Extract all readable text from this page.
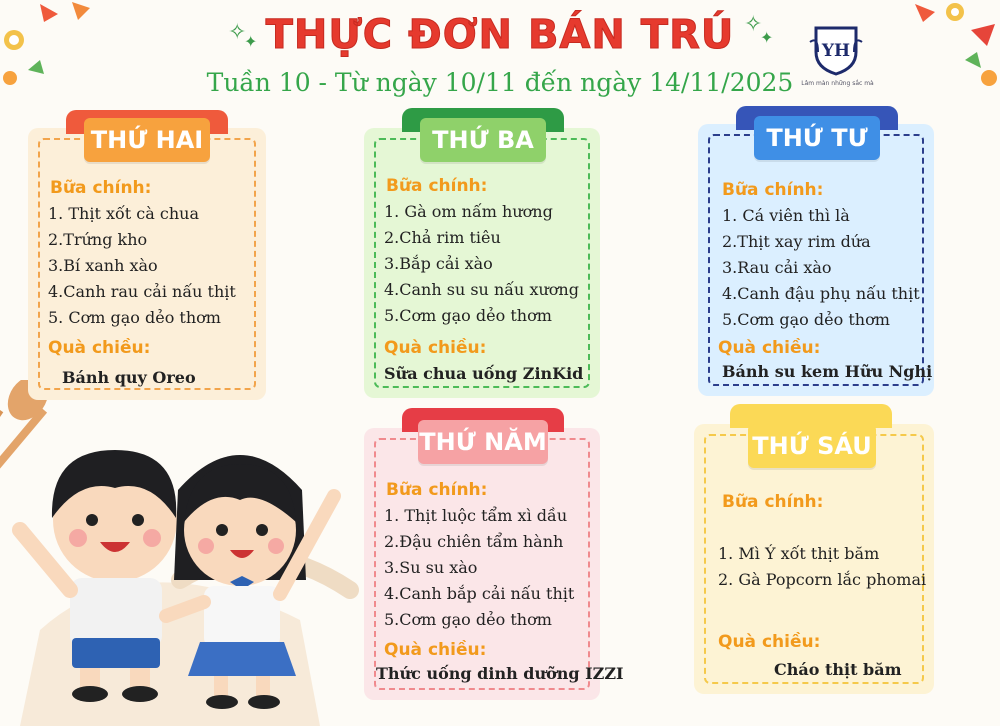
THỰC ĐƠN BÁN TRÚ
Tuần 10 - Từ ngày 10/11 đến ngày 14/11/2025
✧
✦
✧
✦
YH
Lâm màn những sắc mà
THỨ HAI
Bữa chính:
1. Thịt xốt cà chua
2.Trứng kho
3.Bí xanh xào
4.Canh rau cải nấu thịt
5. Cơm gạo dẻo thơm
Quà chiều:
Bánh quy Oreo
THỨ BA
Bữa chính:
1. Gà om nấm hương
2.Chả rim tiêu
3.Bắp cải xào
4.Canh su su nấu xương
5.Cơm gạo dẻo thơm
Quà chiều:
Sữa chua uống ZinKid
THỨ TƯ
Bữa chính:
1. Cá viên thì là
2.Thịt xay rim dứa
3.Rau cải xào
4.Canh đậu phụ nấu thịt
5.Cơm gạo dẻo thơm
Quà chiều:
Bánh su kem Hữu Nghị
THỨ NĂM
Bữa chính:
1. Thịt luộc tẩm xì dầu
2.Đậu chiên tẩm hành
3.Su su xào
4.Canh bắp cải nấu thịt
5.Cơm gạo dẻo thơm
Quà chiều:
Thức uống dinh dưỡng IZZI
THỨ SÁU
Bữa chính:
1. Mì Ý xốt thịt băm
2. Gà Popcorn lắc phomai
Quà chiều:
Cháo thịt băm
